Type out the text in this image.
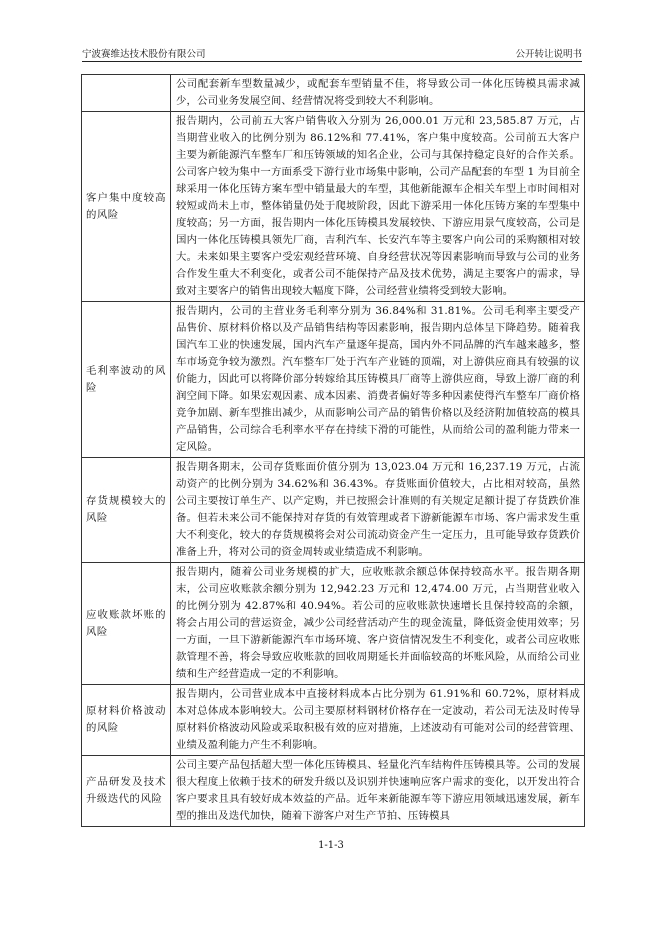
宁波赛维达技术股份有限公司	公开转让说明书
	公司配套新车型数量减少，或配套车型销量不佳，将导致公司一体化压铸模具需求减少，公司业务发展空间、经营情况将受到较大不利影响。

客户集中度较高的风险	报告期内，公司前五大客户销售收入分别为 26,000.01 万元和 23,585.87 万元，占当期营业收入的比例分别为 86.12%和 77.41%，客户集中度较高。公司前五大客户主要为新能源汽车整车厂和压铸领域的知名企业，公司与其保持稳定良好的合作关系。公司客户较为集中一方面系受下游行业市场集中影响，公司产品配套的车型 1 为目前全球采用一体化压铸方案车型中销量最大的车型，其他新能源车企相关车型上市时间相对较短或尚未上市，整体销量仍处于爬坡阶段，因此下游采用一体化压铸方案的车型集中度较高；另一方面，报告期内一体化压铸模具发展较快、下游应用景气度较高，公司是国内一体化压铸模具领先厂商，吉利汽车、长安汽车等主要客户向公司的采购额相对较大。未来如果主要客户受宏观经营环境、自身经营状况等因素影响而导致与公司的业务合作发生重大不利变化，或者公司不能保持产品及技术优势，满足主要客户的需求，导致对主要客户的销售出现较大幅度下降，公司经营业绩将受到较大影响。

毛利率波动的风险	报告期内，公司的主营业务毛利率分别为 36.84%和 31.81%。公司毛利率主要受产品售价、原材料价格以及产品销售结构等因素影响，报告期内总体呈下降趋势。随着我国汽车工业的快速发展，国内汽车产量逐年提高，国内外不同品牌的汽车越来越多，整车市场竞争较为激烈。汽车整车厂处于汽车产业链的顶端，对上游供应商具有较强的议价能力，因此可以将降价部分转嫁给其压铸模具厂商等上游供应商，导致上游厂商的利润空间下降。如果宏观因素、成本因素、消费者偏好等多种因素使得汽车整车厂商价格竞争加剧、新车型推出减少，从而影响公司产品的销售价格以及经济附加值较高的模具产品销售，公司综合毛利率水平存在持续下滑的可能性，从而给公司的盈利能力带来一定风险。

存货规模较大的风险	报告期各期末，公司存货账面价值分别为 13,023.04 万元和 16,237.19 万元，占流动资产的比例分别为 34.62%和 36.43%。存货账面价值较大，占比相对较高，虽然公司主要按订单生产、以产定购，并已按照会计准则的有关规定足额计提了存货跌价准备。但若未来公司不能保持对存货的有效管理或者下游新能源车市场、客户需求发生重大不利变化，较大的存货规模将会对公司流动资金产生一定压力，且可能导致存货跌价准备上升，将对公司的资金周转或业绩造成不利影响。

应收账款坏账的风险	报告期内，随着公司业务规模的扩大，应收账款余额总体保持较高水平。报告期各期末，公司应收账款余额分别为 12,942.23 万元和 12,474.00 万元，占当期营业收入的比例分别为 42.87%和 40.94%。若公司的应收账款快速增长且保持较高的余额，将会占用公司的营运资金，减少公司经营活动产生的现金流量，降低资金使用效率；另一方面，一旦下游新能源汽车市场环境、客户资信情况发生不利变化，或者公司应收账款管理不善，将会导致应收账款的回收周期延长并面临较高的坏账风险，从而给公司业绩和生产经营造成一定的不利影响。

原材料价格波动的风险	报告期内，公司营业成本中直接材料成本占比分别为 61.91%和 60.72%，原材料成本对总体成本影响较大。公司主要原材料钢材价格存在一定波动，若公司无法及时传导原材料价格波动风险或采取积极有效的应对措施，上述波动有可能对公司的经营管理、业绩及盈利能力产生不利影响。

产品研发及技术升级迭代的风险	公司主要产品包括超大型一体化压铸模具、轻量化汽车结构件压铸模具等。公司的发展很大程度上依赖于技术的研发升级以及识别并快速响应客户需求的变化，以开发出符合客户要求且具有较好成本效益的产品。近年来新能源车等下游应用领域迅速发展，新车型的推出及迭代加快，随着下游客户对生产节拍、压铸模具
1-1-3
